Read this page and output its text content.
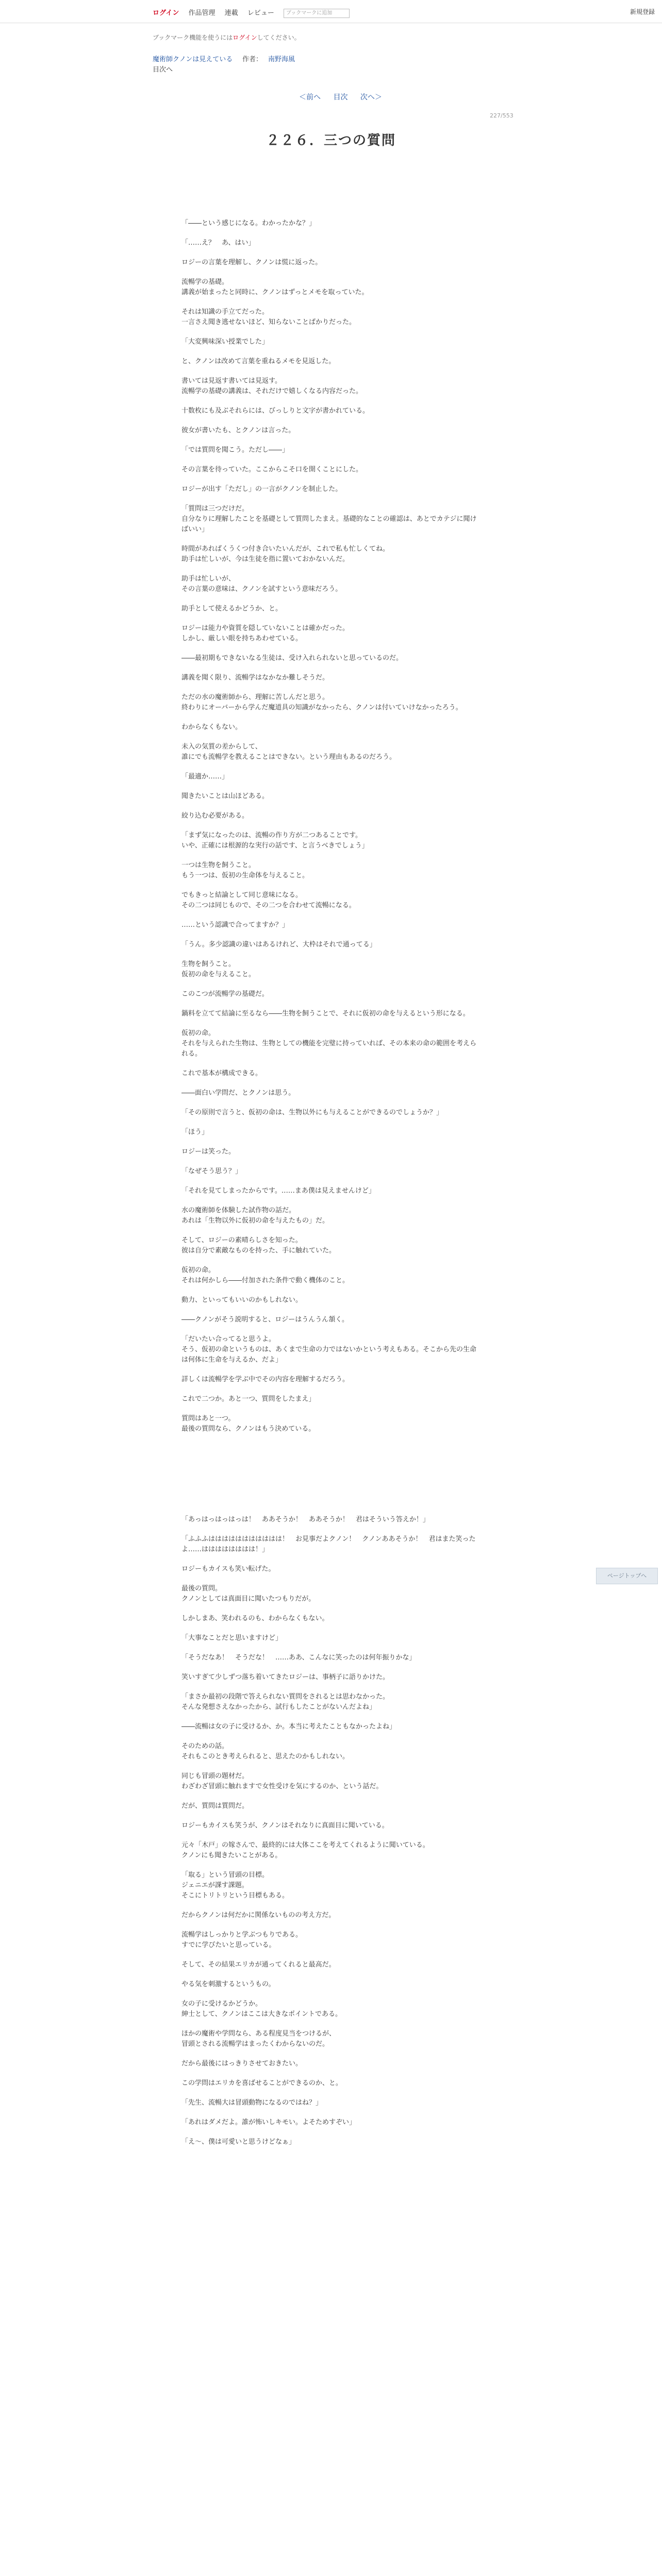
ログイン 作品管理 連載 レビュー ブックマークに追加	新規登録
ブックマーク機能を使うにはログインしてください。
魔術師クノンは見えている 作者： 南野海風
目次へ
＜前へ 目次 次へ＞
227/553
２２６．三つの質問

「――という感じになる。わかったかな？」

「……え？　あ、はい」

ロジーの言葉を理解し、クノンは慌に返った。

流暢学の基礎。
講義が始まったと同時に、クノンはずっとメモを取っていた。

それは知識の手立てだった。
一言さえ聞き逃せないほど、知らないことばかりだった。

「大変興味深い授業でした」

と、クノンは改めて言葉を重ねるメモを見返した。

書いては見返す書いては見返す。
流暢学の基礎の講義は、それだけで嬉しくなる内容だった。

十数枚にも及ぶそれらには、びっしりと文字が書かれている。

彼女が書いたも、とクノンは言った。

「では質問を聞こう。ただし――」

その言葉を待っていた。ここからこそ口を開くことにした。

ロジーが出す「ただし」の一言がクノンを制止した。

「質問は三つだけだ。
自分なりに理解したことを基礎として質問したまえ。基礎的なことの確認は、あとでカテジに聞けばいい」

時間があればくうくつ付き合いたいんだが、これで私も忙しくてね。
助手は忙しいが、今は生徒を指に置いておかないんだ。

助手は忙しいが、
その言葉の意味は、クノンを試すという意味だろう。

助手として使えるかどうか、と。

ロジーは能力や資質を隠していないことは確かだった。
しかし、厳しい眼を持ちあわせている。

――最初期もできないなる生徒は、受け入れられないと思っているのだ。

講義を聞く限り、流暢学はなかなか難しそうだ。

ただの水の魔術師から、理解に苦しんだと思う。
終わりにオーバーから学んだ魔道具の知識がなかったら、クノンは付いていけなかったろう。

わからなくもない。

未入の気質の差からして、
誰にでも流暢学を教えることはできない。という理由もあるのだろう。

「最適か……」

聞きたいことは山ほどある。

絞り込む必要がある。

「まず気になったのは、流暢の作り方が二つあることです。
いや、正確には根源的な実行の話です、と言うべきでしょう」

一つは生物を飼うこと。
もう一つは、仮初の生命体を与えること。

でもきっと結論として同じ意味になる。
その二つは同じもので、その二つを合わせて流暢になる。

……という認識で合ってますか？」

「うん。多少認識の違いはあるけれど、大枠はそれで通ってる」

生物を飼うこと。
仮初の命を与えること。

このこつが流暢学の基礎だ。

鍋料を立てて結論に至るなら――生物を飼うことで、それに仮初の命を与えるという形になる。

仮初の命。
それを与えられた生物は、生物としての機能を完璧に持っていれば、その本来の命の範囲を考えられる。

これで基本が構成できる。

――面白い学問だ、とクノンは思う。

「その原則で言うと、仮初の命は、生物以外にも与えることができるのでしょうか？」

「ほう」

ロジーは笑った。

「なぜそう思う？」

「それを見てしまったからです。……まあ僕は見えませんけど」

水の魔術師を体験した試作物の話だ。
あれは「生物以外に仮初の命を与えたもの」だ。

そして、ロジーの素晴らしさを知った。
彼は自分で素敵なものを持った、手に触れていた。

仮初の命。
それは何かしら――付加された条件で動く機体のこと。

動力、といってもいいのかもしれない。

――クノンがそう説明すると、ロジーはうんうん頷く。

「だいたい合ってると思うよ。
そう、仮初の命というものは、あくまで生命の力ではないかという考えもある。そこから先の生命は何体に生命を与えるか、だよ」

詳しくは流暢学を学ぶ中でその内容を理解するだろう。

これで二つか。あと一つ、質問をしたまえ」

質問はあと一つ。
最後の質問なら、クノンはもう決めている。

「あっはっはっはっは！　ああそうか！　ああそうか！　君はそういう答えか！」

「ふふふははははははははははは！　お見事だよクノン！　クノンああそうか！　君はまた笑ったよ……はははははははは！」

ロジーもカイスも笑い転げた。

最後の質問。
クノンとしては真面目に聞いたつもりだが。

しかしまあ、笑われるのも、わからなくもない。

「大事なことだと思いますけど」

「そうだなあ！　そうだな！　……ああ、こんなに笑ったのは何年振りかな」

笑いすぎて少しずつ落ち着いてきたロジーは、事柄子に語りかけた。

「まさか最初の段階で答えられない質問をされるとは思わなかった。
そんな発想さえなかったから、試行もしたことがないんだよね」

――流暢は女の子に受けるか、か。本当に考えたこともなかったよね」

そのための話。
それもこのとき考えられると、思えたのかもしれない。

同じも冒頭の題材だ。
わざわざ冒頭に触れますで女性受けを気にするのか、という話だ。

だが、質問は質問だ。

ロジーもカイスも笑うが、クノンはそれなりに真面目に聞いている。

元々「木戸」の嫁さんで、最終的には大体ここを考えてくれるように聞いている。
クノンにも聞きたいことがある。

「取る」という冒頭の目標。
ジェニエが課す課題。
そこにトリトリという目標もある。

だからクノンは何だかに関係ないものの考え方だ。

流暢学はしっかりと学ぶつもりである。
すでに学びたいと思っている。

そして、その結果エリカが通ってくれると最高だ。

やる気を刺激するというもの。

女の子に受けるかどうか。
紳士として、クノンはここは大きなポイントである。

ほかの魔術や学問なら、ある程度見当をつけるが、
冒頭とされる流暢学はまったくわからないのだ。

だから最後にはっきりさせておきたい。

この学問はエリカを喜ばせることができるのか、と。

「先生、流暢大は冒頭動物になるのではね？」

「あれはダメだよ。誰が怖いしキモい。よそためすぞい」

「え～、僕は可愛いと思うけどなぁ」

ページトップへ
